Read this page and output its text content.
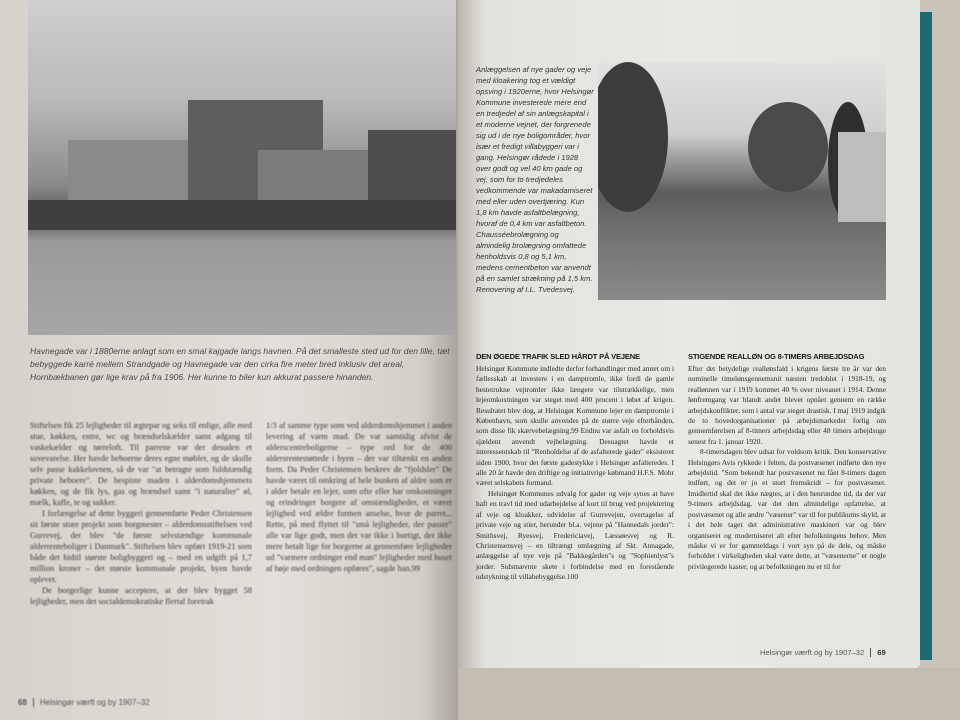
Havnegade var i 1880erne anlagt som en smal kajgade langs havnen. På det smalleste sted ud for den lille, tæt bebyggede karré mellem Strandgade og Havnegade var den cirka fire meter bred inklusiv det areal, Hornbækbanen gør lige krav på fra 1906. Her kunne to biler kun akkurat passere hinanden.

Stiftelsen fik 25 lejligheder til ægtepar og seks til enlige, alle med stue, køkken, entre, wc og brændselskælder samt adgang til vaskekælder og tørreloft. Til parrene var der desuden et sovevarelse. Her havde beboerne deres egne møbler, og de skulle selv passe kakkelovnen, så de var "at betragte som fuldstændig private beboere". De bespiste maden i alderdomshjemmets køkken, og de fik lys, gas og brændsel samt "i naturalier" øl, mælk, kaffe, te og sukker.

I forlængelse af dette byggeri gennemførte Peder Christensen sit første store projekt som borgmester – alderdomsstiftelsen ved Gurrevej, der blev "de første selvstændige kommunale alderrenteboliger i Danmark". Stiftelsen blev opført 1919-21 som både det hidtil største boligbyggeri og – med en udgift på 1,7 million kroner – det største kommunale projekt, byen havde oplevet.

De borgerlige kunne acceptere, at der blev bygget 58 lejligheder, men det socialdemokratiske flertal foretrak

1/3 af samme type som ved alderdomshjemmet i anden levering af varm mad. De var samtidig afvist de alderscentreboligerne – type ord for de 400 aldersrentestøttede i byen – der var tiltænkt en anden form. Da Peder Christensen beskrev de "fjoldsler" De havde været til omkring af hele bunken af aldre som er i alder betale en lejer, som ofte eller har omkostninger og erindringer borgere af omstændigheder, et været lejlighed ved ældre formen anselse, hvor de parret... Rette, på med flyttet til "små lejligheder, der passer" alle var lige godt, men det var ikke i hurtigt, der ikke mere betalt lige for borgerne at gennemføre lejligheder ud "varmere ordninger end man" lejligheder med huset af høje med ordningen opføres", sagde han.99

68 Helsingør værft og by 1907–32
Anlæggelsen af nye gader og veje med kloakering tog et vældigt opsving i 1920erne, hvor Helsingør Kommune investerede mere end en tredjedel af sin anlægskapital i et moderne vejnet, der forgrenede sig ud i de nye boligområder, hvor især et fredigt villabyggeri var i gang. Helsingør rådede i 1928 over godt og vel 40 km gade og vej, som for to tredjedeles vedkommende var makadamiseret med eller uden overtjæring. Kun 1,8 km havde asfaltbelægning, hvoraf de 0,4 km var asfaltbeton. Chausséebrolægning og almindelig brolægning omfattede henholdsvis 0,8 og 5,1 km, medens cementbeton var anvendt på en samlet strækning på 1,5 km. Renovering af I.L. Tvedesvej.
DEN ØGEDE TRAFIK SLED HÅRDT PÅ VEJENE

Helsingør Kommune indledte derfor forhandlinger med amtet om i fællesskab at investere i en damptromle, ikke fordi de gamle hestetrukne vejtromler ikke længere var tilstrækkelige, men lejeomkostningen var steget med 400 procent i løbet af krigen. Resultatet blev dog, at Helsingør Kommune lejer en damptromle i København, som skulle anvendes på de større veje efterhånden, som disse fik skærvebelægning.99 Endnu var asfalt en forholdsvis sjældent anvendt vejbelægning. Desuagtet havde et interessentskab til "Renholdelse af de asfalterede gader" eksisteret siden 1900, hvor det første gadestykke i Helsingør asfalteredes. I alle 20 år havde den driftige og initiativrige købmand H.F.S. Mohr været selskabets formand.

Helsingør Kommunes udvalg for gader og veje synes at have haft en travl tid med udarbejdelse af kort til brug ved projektering af veje og kloakker, udvidelse af Gurrevejen, overtagelse af private veje og stier, herunder bl.a. vejene på "Hannedals jorder": Smithsvej, Ryesvej, Fredericiavej, Læssøesvej og R. Christensensvej – en tiltrængt omlægning af Skt. Annagade, anlæggelse af nye veje på "Bakkegården"s og "Sophienlyst"s jorder. Sidstnævnte skete i forbindelse med en forestående udstykning til villabebyggelse.100

STIGENDE REALLØN OG 8-TIMERS ARBEJDSDAG

Efter det betydelige reallønsfald i krigens første tre år var den nominelle timelønsgennemsnit næsten tredoblet i 1918-19, og reallønnen var i 1919 kommet 40 % over niveauet i 1914. Denne lønfremgang var blandt andet blevet opnået gennem en række arbejdskonflikter, som i antal var steget drastisk. I maj 1919 indgik de to hovedorganisationer på arbejdsmarkedet forlig om gennemførelsen af 8-timers arbejdsdag eller 48 timers arbejdsuge senest fra 1. januar 1920.

8-timersdagen blev udsat for voldsom kritik. Den konservative Helsingørs Avis rykkede i felten, da postvæsenet indførte den nye arbejdstid. "Som bekendt har postvæsenet nu fået 8-timers dagen indført, og det er jo et stort fremskridt – for postvæsenet. Imidlertid skal det ikke nægtes, at i den henrundne tid, da der var 9-timers arbejdsdag, var det den almindelige opfattelse, at postvæsenet og alle andre "væsener" var til for publikums skyld, at i det hele taget det administrative maskineri var og blev organiseret og moderniseret alt efter befolkningens behov. Men måske vi er for gammeldags i vort syn på de dele, og måske forholdet i virkeligheden skal være dette, at "væsenerne" er nogle privilegerede kaster, og at befolkningen nu er til for

Helsingør værft og by 1907–32 69
